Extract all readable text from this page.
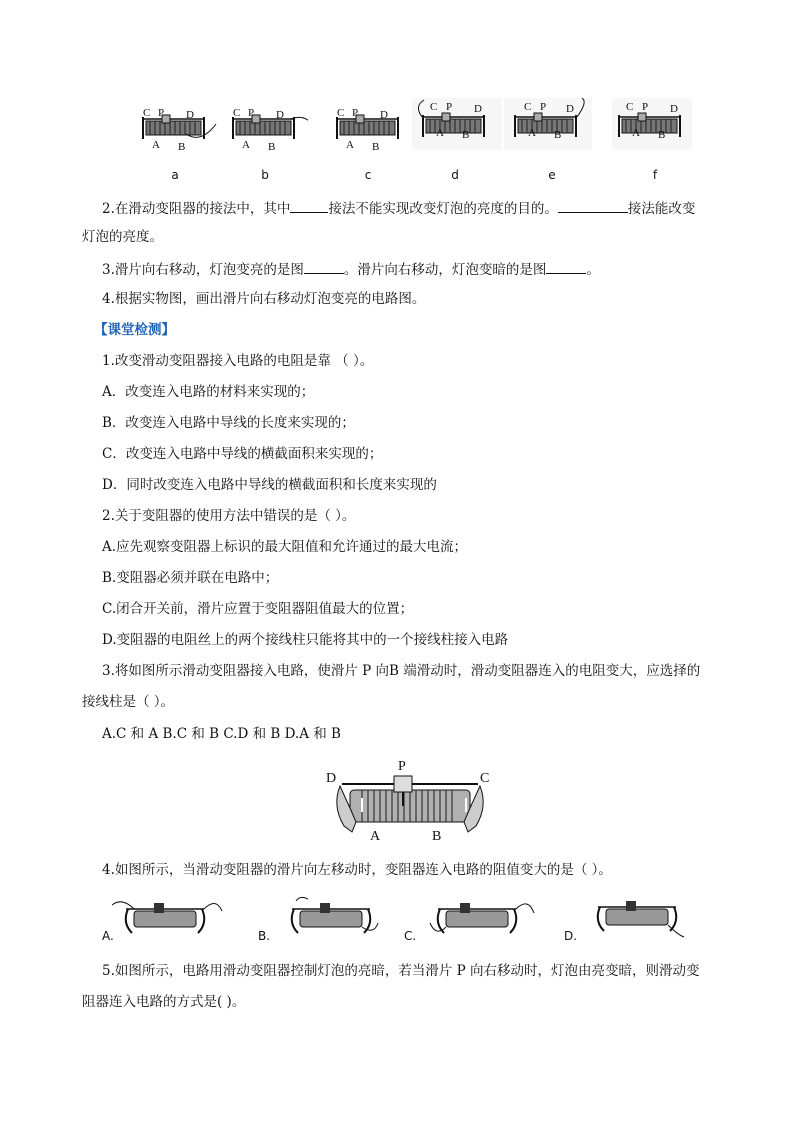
C P D
A B
C P D
A B
C P D
A B
C P D
A B
C P D
A B
C P D
A B
a	b	c	d	e	f
2.在滑动变阻器的接法中，其中	接法不能实现改变灯泡的亮度的目的。	接法能改变
灯泡的亮度。
3.滑片向右移动，灯泡变亮的是图	。滑片向右移动，灯泡变暗的是图	。
4.根据实物图，画出滑片向右移动灯泡变亮的电路图。
【课堂检测】
1.改变滑动变阻器接入电路的电阻是靠 （ ）。
A．改变连入电路的材料来实现的；
B．改变连入电路中导线的长度来实现的；
C．改变连入电路中导线的横截面积来实现的；
D．同时改变连入电路中导线的横截面积和长度来实现的
2.关于变阻器的使用方法中错误的是（ ）。
A.应先观察变阻器上标识的最大阻值和允许通过的最大电流；
B.变阻器必须并联在电路中；
C.闭合开关前，滑片应置于变阻器阻值最大的位置；
D.变阻器的电阻丝上的两个接线柱只能将其中的一个接线柱接入电路
3.将如图所示滑动变阻器接入电路，使滑片 P 向B 端滑动时，滑动变阻器连入的电阻变大，应选择的
接线柱是（ ）。
A.C 和 A B.C 和 B C.D 和 B D.A 和 B
D
P
C
A	B
4.如图所示，当滑动变阻器的滑片向左移动时，变阻器连入电路的阻值变大的是（ ）。
A.	B.	C.	D.
5.如图所示，电路用滑动变阻器控制灯泡的亮暗，若当滑片 P 向右移动时，灯泡由亮变暗，则滑动变
阻器连入电路的方式是( )。
